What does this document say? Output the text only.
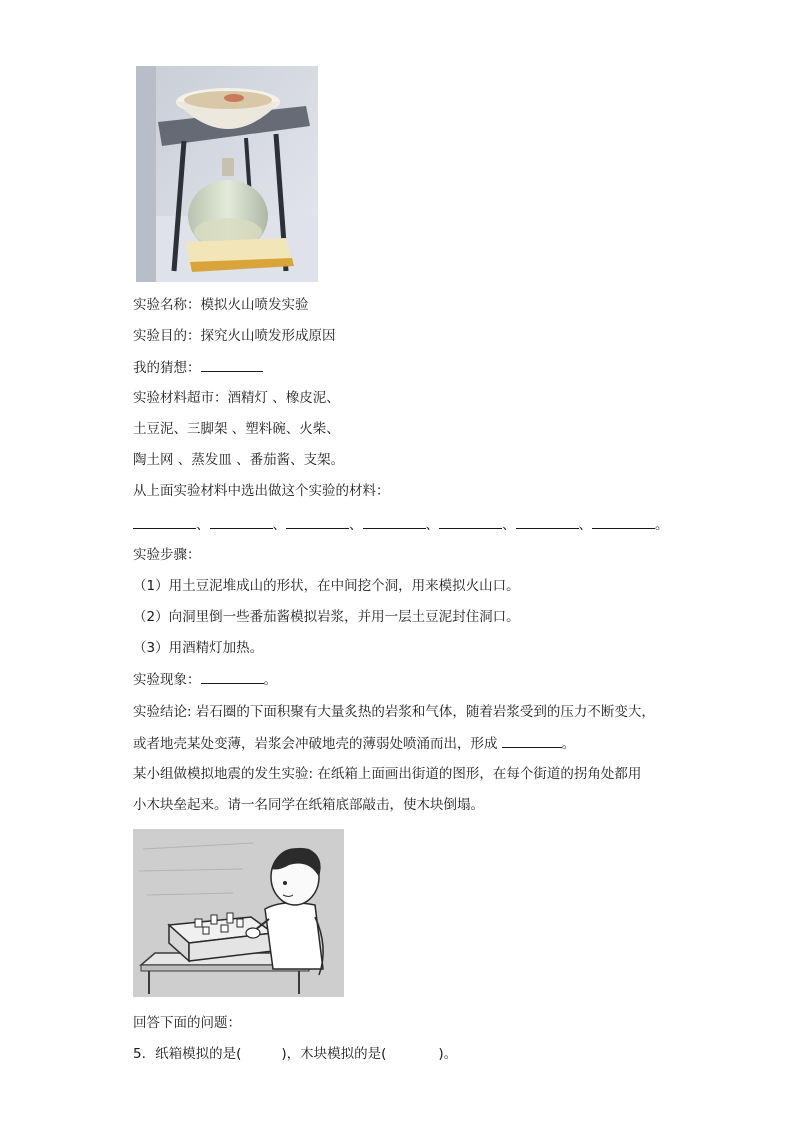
实验名称：模拟火山喷发实验
实验目的：探究火山喷发形成原因
我的猜想：
实验材料超市：酒精灯 、橡皮泥、
土豆泥、三脚架 、塑料碗、火柴、
陶土网 、蒸发皿 、番茄酱、支架。
从上面实验材料中选出做这个实验的材料：
、	、	、	、	、	、	。
实验步骤：
（1）用土豆泥堆成山的形状，在中间挖个洞，用来模拟火山口。
（2）向洞里倒一些番茄酱模拟岩浆，并用一层土豆泥封住洞口。
（3）用酒精灯加热。
实验现象：	。
实验结论: 岩石圈的下面积聚有大量炙热的岩浆和气体，随着岩浆受到的压力不断变大，
或者地壳某处变薄，岩浆会冲破地壳的薄弱处喷涌而出，形成	。
某小组做模拟地震的发生实验: 在纸箱上面画出街道的图形，在每个街道的拐角处都用
小木块垒起来。请一名同学在纸箱底部敲击，使木块倒塌。
回答下面的问题：
5．纸箱模拟的是(	)，木块模拟的是(	)。
